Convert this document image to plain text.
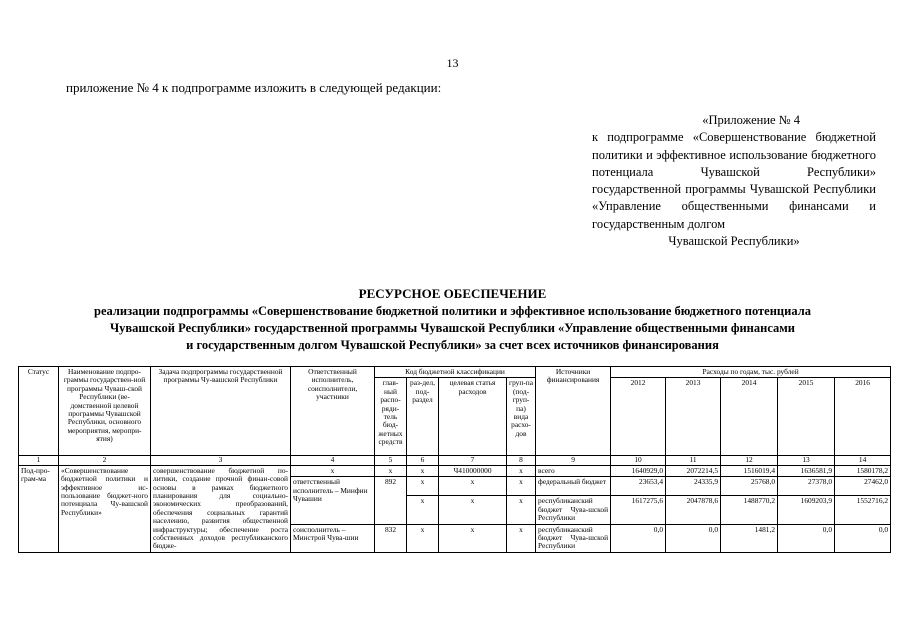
13
приложение № 4 к подпрограмме изложить в следующей редакции:
«Приложение № 4
к подпрограмме «Совершенствование бюджетной политики и эффективное использование бюджетного потенциала Чувашской Республики» государственной программы Чувашской Республики «Управление общественными финансами и государственным долгом
Чувашской Республики»
РЕСУРСНОЕ ОБЕСПЕЧЕНИЕ
реализации подпрограммы «Совершенствование бюджетной политики и эффективное использование бюджетного потенциала
Чувашской Республики» государственной программы Чувашской Республики «Управление общественными финансами
и государственным долгом Чувашской Республики» за счет всех источников финансирования
Статус	Наименование подпро-граммы государствен-ной программы Чуваш-ской Республики (ве-домственной целевой программы Чувашской Республики, основного мероприятия, меропри-ятия)	Задача подпрограммы государственной программы Чу-вашской Республики	Ответственный исполнитель, соисполнители, участники	Код бюджетной классификации				Источники финансирования	Расходы по годам, тыс. рублей				
				глав-ный распо-ряди-тель бюд-жетных средств	раз-дел, под-раздел	целевая статья расходов	груп-па (под-груп-па) вида расхо-дов		2012	2013	2014	2015	2016
1	2	3	4	5	6	7	8	9	10	11	12	13	14
Под-про-грам-ма	«Совершенствование бюджетной политики и эффективное ис-пользование бюджет-ного потенциала Чу-вашской Республики»	совершенствование бюджетной по-литики, создание прочной финан-совой основы в рамках бюджетного планирования для социально-экономических преобразований, обеспечения социальных гарантий населению, развития общественной инфраструктуры; обеспечение роста собственных доходов республиканского бюдже-	x	x	x	Ч410000000	x	всего	1640929,0	2072214,5	1516019,4	1636581,9	1580178,2
			ответственный исполнитель – Минфин Чувашии	892	x	x	x	федеральный бюджет	23653,4	24335,9	25768,0	27378,0	27462,0
					x	x	x	республиканский бюджет Чува-шской Республики	1617275,6	2047878,6	1488770,2	1609203,9	1552716,2
			соисполнитель – Минстрой Чува-шии	832	x	x	x	республиканский бюджет Чува-шской Республики	0,0	0,0	1481,2	0,0	0,0
